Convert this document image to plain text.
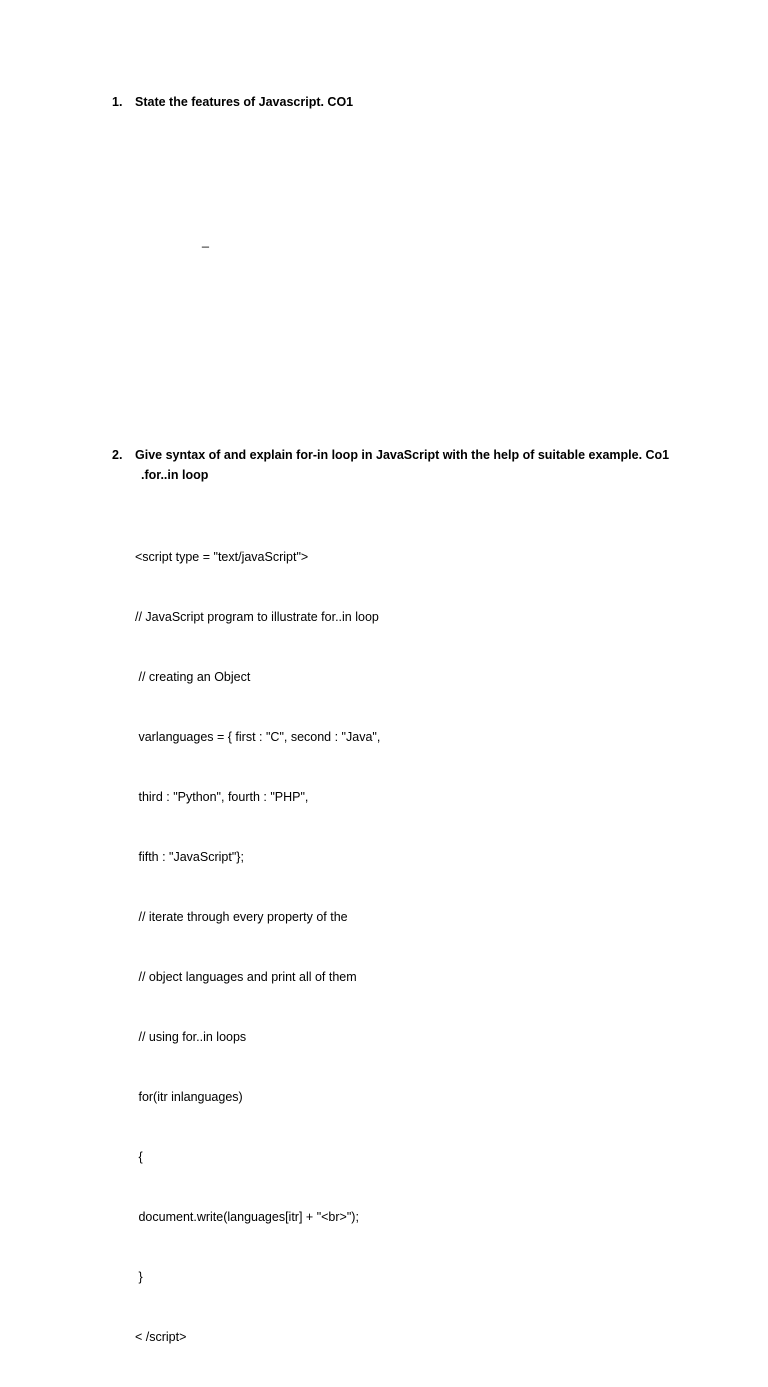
1. State the features of Javascript. CO1
_
2. Give syntax of and explain for-in loop in JavaScript with the help of suitable example. Co1
.for..in loop

<script type = "text/javaScript">

// JavaScript program to illustrate for..in loop

// creating an Object

varlanguages = { first : "C", second : "Java",

third : "Python", fourth : "PHP",

fifth : "JavaScript"};

// iterate through every property of the

// object languages and print all of them

// using for..in loops

for(itr inlanguages)

{

document.write(languages[itr] + "<br>");

}

< /script>
